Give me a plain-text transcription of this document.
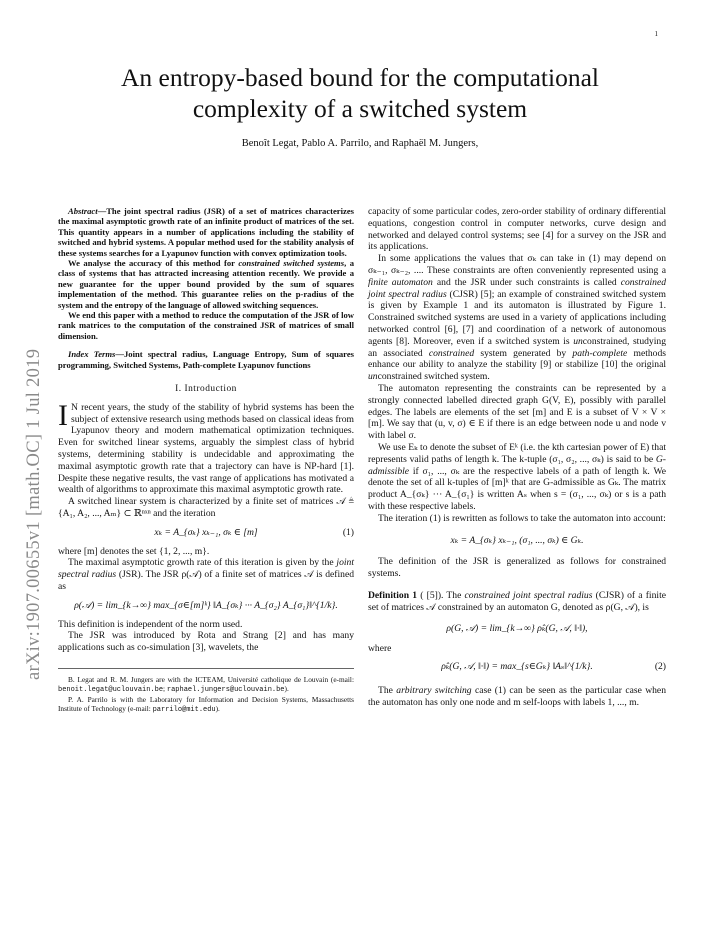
1
arXiv:1907.00655v1 [math.OC] 1 Jul 2019
An entropy-based bound for the computational
complexity of a switched system
Benoît Legat, Pablo A. Parrilo, and Raphaël M. Jungers,

Abstract—The joint spectral radius (JSR) of a set of matrices characterizes the maximal asymptotic growth rate of an infinite product of matrices of the set. This quantity appears in a number of applications including the stability of switched and hybrid systems. A popular method used for the stability analysis of these systems searches for a Lyapunov function with convex optimization tools.

We analyse the accuracy of this method for constrained switched systems, a class of systems that has attracted increasing attention recently. We provide a new guarantee for the upper bound provided by the sum of squares implementation of the method. This guarantee relies on the p-radius of the system and the entropy of the language of allowed switching sequences.

We end this paper with a method to reduce the computation of the JSR of low rank matrices to the computation of the constrained JSR of matrices of small dimension.

Index Terms—Joint spectral radius, Language Entropy, Sum of squares programming, Switched Systems, Path-complete Lyapunov functions

I. Introduction

I N recent years, the study of the stability of hybrid systems has been the subject of extensive research using methods based on classical ideas from Lyapunov theory and modern mathematical optimization techniques. Even for switched linear systems, arguably the simplest class of hybrid systems, determining stability is undecidable and approximating the maximal asymptotic growth rate that a trajectory can have is NP-hard [1]. Despite these negative results, the vast range of applications has motivated a wealth of algorithms to approximate this maximal asymptotic growth rate.

A switched linear system is characterized by a finite set of matrices 𝒜 ≜ {A₁, A₂, ..., Aₘ} ⊂ ℝⁿˣⁿ and the iteration

xₖ = A_{σₖ} xₖ₋₁, σₖ ∈ [m]	(1)

where [m] denotes the set {1, 2, ..., m}.

The maximal asymptotic growth rate of this iteration is given by the joint spectral radius (JSR). The JSR ρ(𝒜) of a finite set of matrices 𝒜 is defined as

ρ(𝒜) = lim_{k→∞} max_{σ∈[m]ᵏ} ‖A_{σₖ} ··· A_{σ₂} A_{σ₁}‖^{1/k}.

This definition is independent of the norm used.

The JSR was introduced by Rota and Strang [2] and has many applications such as co-simulation [3], wavelets, the

B. Legat and R. M. Jungers are with the ICTEAM, Université catholique de Louvain (e-mail: benoit.legat@uclouvain.be; raphael.jungers@uclouvain.be).

P. A. Parrilo is with the Laboratory for Information and Decision Systems, Massachusetts Institute of Technology (e-mail: parrilo@mit.edu).

capacity of some particular codes, zero-order stability of ordinary differential equations, congestion control in computer networks, curve design and networked and delayed control systems; see [4] for a survey on the JSR and its applications.

In some applications the values that σₖ can take in (1) may depend on σₖ₋₁, σₖ₋₂, .... These constraints are often conveniently represented using a finite automaton and the JSR under such constraints is called constrained joint spectral radius (CJSR) [5]; an example of constrained switched system is given by Example 1 and its automaton is illustrated by Figure 1. Constrained switched systems are used in a variety of applications including networked control [6], [7] and coordination of a network of autonomous agents [8]. Moreover, even if a switched system is unconstrained, studying an associated constrained system generated by path-complete methods enhance our ability to analyze the stability [9] or stabilize [10] the original unconstrained switched system.

The automaton representing the constraints can be represented by a strongly connected labelled directed graph G(V, E), possibly with parallel edges. The labels are elements of the set [m] and E is a subset of V × V × [m]. We say that (u, v, σ) ∈ E if there is an edge between node u and node v with label σ.

We use Eₖ to denote the subset of Eᵏ (i.e. the kth cartesian power of E) that represents valid paths of length k. The k-tuple (σ₁, σ₂, ..., σₖ) is said to be G-admissible if σ₁, ..., σₖ are the respective labels of a path of length k. We denote the set of all k-tuples of [m]ᵏ that are G-admissible as Gₖ. The matrix product A_{σₖ} ··· A_{σ₁} is written Aₛ when s = (σ₁, ..., σₖ) or s is a path with these respective labels.

The iteration (1) is rewritten as follows to take the automaton into account:

xₖ = A_{σₖ} xₖ₋₁, (σ₁, ..., σₖ) ∈ Gₖ.

The definition of the JSR is generalized as follows for constrained systems.

Definition 1 ( [5]). The constrained joint spectral radius (CJSR) of a finite set of matrices 𝒜 constrained by an automaton G, denoted as ρ(G, 𝒜), is

ρ(G, 𝒜) = lim_{k→∞} ρ̂ₖ(G, 𝒜, ‖·‖),

where

ρ̂ₖ(G, 𝒜, ‖·‖) = max_{s∈Gₖ} ‖Aₛ‖^{1/k}.	(2)

The arbitrary switching case (1) can be seen as the particular case when the automaton has only one node and m self-loops with labels 1, ..., m.
